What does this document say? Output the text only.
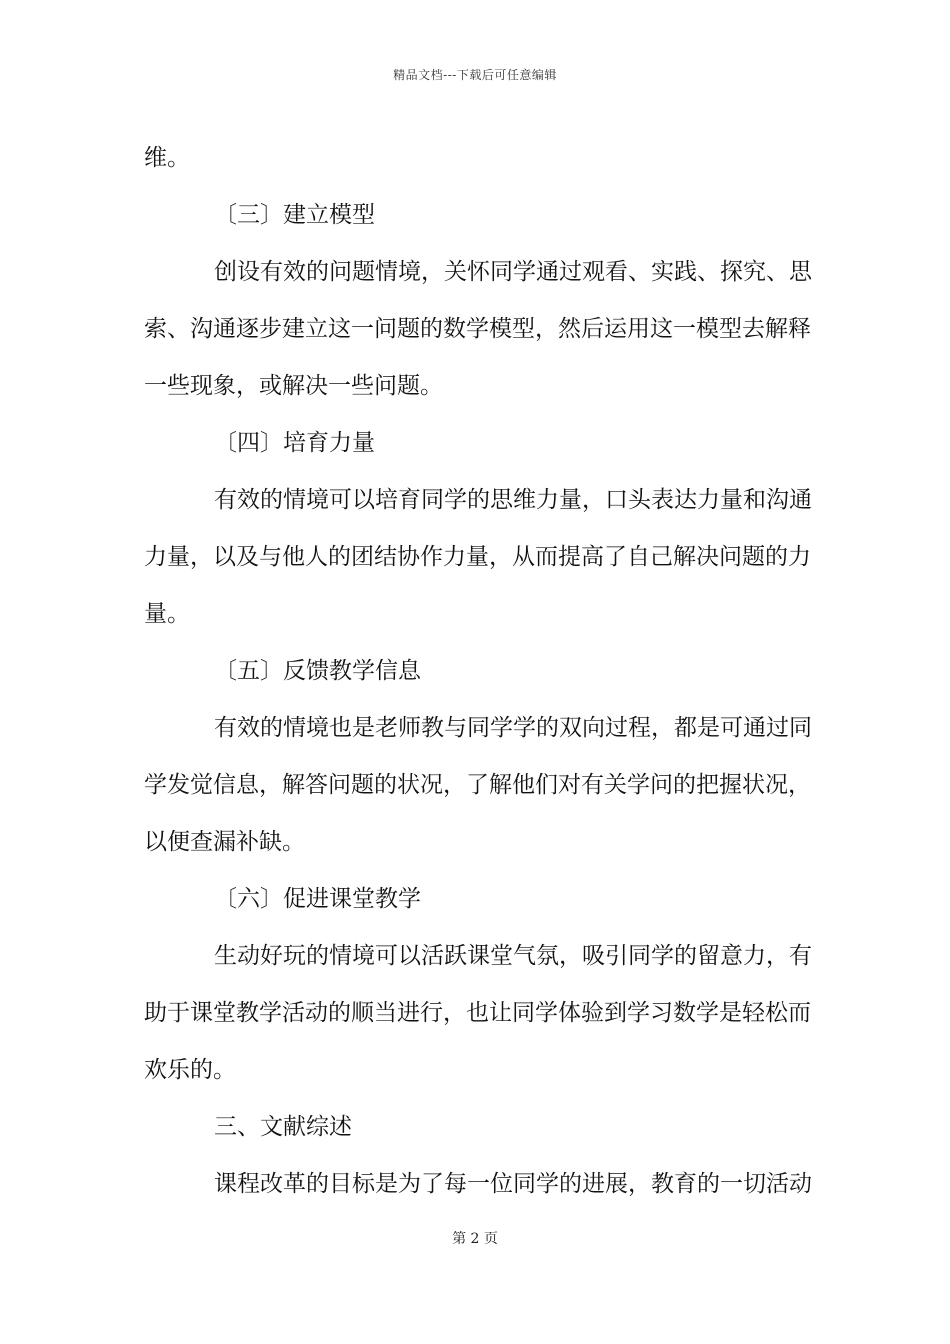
精品文档---下载后可任意编辑
维。
〔三〕建立模型
创设有效的问题情境，关怀同学通过观看、实践、探究、思
索、沟通逐步建立这一问题的数学模型，然后运用这一模型去解释
一些现象，或解决一些问题。
〔四〕培育力量
有效的情境可以培育同学的思维力量，口头表达力量和沟通
力量，以及与他人的团结协作力量，从而提高了自己解决问题的力
量。
〔五〕反馈教学信息
有效的情境也是老师教与同学学的双向过程，都是可通过同
学发觉信息，解答问题的状况，了解他们对有关学问的把握状况，
以便查漏补缺。
〔六〕促进课堂教学
生动好玩的情境可以活跃课堂气氛，吸引同学的留意力，有
助于课堂教学活动的顺当进行，也让同学体验到学习数学是轻松而
欢乐的。
三、文献综述
课程改革的目标是为了每一位同学的进展，教育的一切活动
第 2 页
